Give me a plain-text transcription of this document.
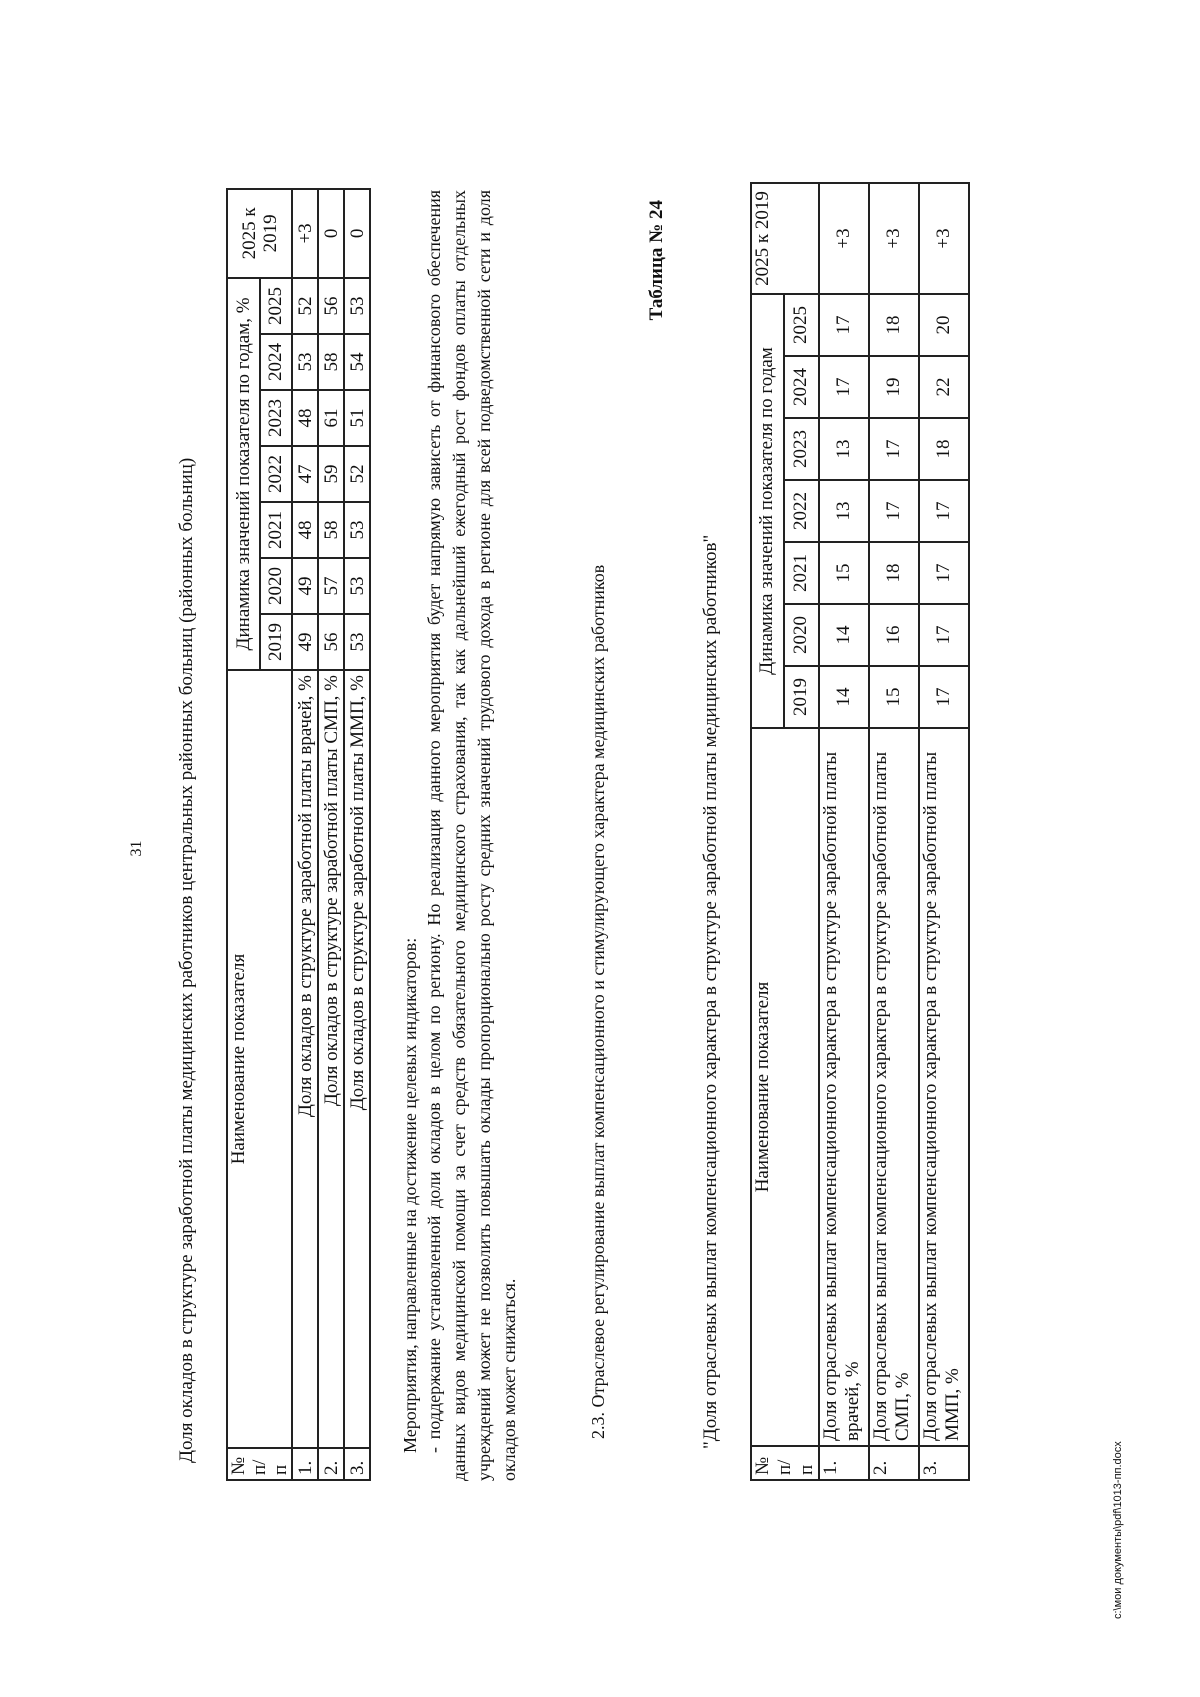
31 Доля окладов в структуре заработной платы медицинских работников центральных районных больниц (районных больниц)
№ п/п	Наименование показателя	Динамика значений показателя по годам, %							2025 к 2019
		2019	2020	2021	2022	2023	2024	2025	
1.	Доля окладов в структуре заработной платы врачей, %	49	49	48	47	48	53	52	+3
2.	Доля окладов в структуре заработной платы СМП, %	56	57	58	59	61	58	56	0
3.	Доля окладов в структуре заработной платы ММП, %	53	53	53	52	51	54	53	0
Мероприятия, направленные на достижение целевых индикаторов: - поддержание установленной доли окладов в целом по региону. Но реализация данного мероприятия будет напрямую зависеть от финансового обеспечения данных видов медицинской помощи за счет средств обязательного медицинского страхования, так как дальнейший ежегодный рост фондов оплаты отдельных учреждений может не позволить повышать оклады пропорционально росту средних значений трудового дохода в регионе для всей подведомственной сети и доля окладов может снижаться.	2.3. Отраслевое регулирование выплат компенсационного и стимулирующего характера медицинских работников
Таблица № 24
"Доля отраслевых выплат компенсационного характера в структуре заработной платы медицинских работников"
№ п/п	Наименование показателя	Динамика значений показателя по годам							2025 к 2019
		2019	2020	2021	2022	2023	2024	2025	
1.	Доля отраслевых выплат компенсационного характера в структуре заработной платы врачей, %	14	14	15	13	13	17	17	+3
2.	Доля отраслевых выплат компенсационного характера в структуре заработной платы СМП, %	15	16	18	17	17	19	18	+3
3.	Доля отраслевых выплат компенсационного характера в структуре заработной платы ММП, %	17	17	17	17	18	22	20	+3
c:\мои документы\pdf\1013-пп.docx
